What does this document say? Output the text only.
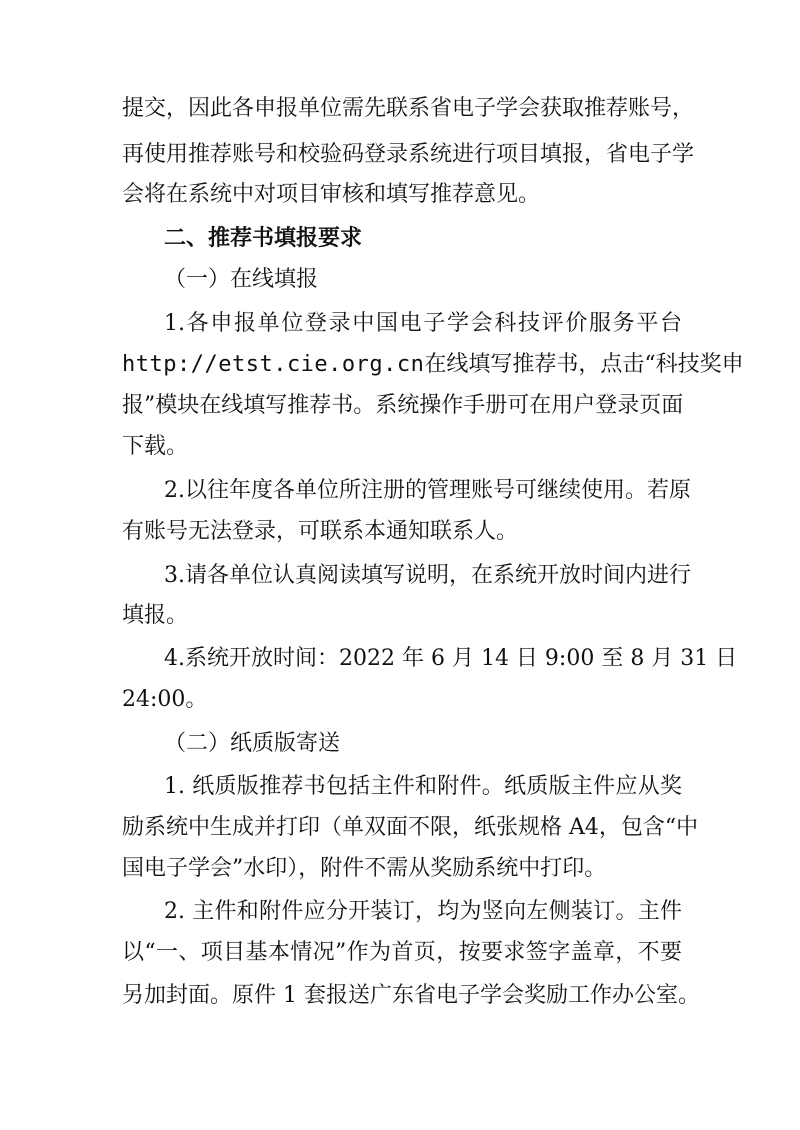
提交，因此各申报单位需先联系省电子学会获取推荐账号，
再使用推荐账号和校验码登录系统进行项目填报，省电子学
会将在系统中对项目审核和填写推荐意见。
二、推荐书填报要求
（一）在线填报
1.各申报单位登录中国电子学会科技评价服务平台
http://etst.cie.org.cn在线填写推荐书，点击“科技奖申
报”模块在线填写推荐书。系统操作手册可在用户登录页面
下载。
2.以往年度各单位所注册的管理账号可继续使用。若原
有账号无法登录，可联系本通知联系人。
3.请各单位认真阅读填写说明，在系统开放时间内进行
填报。
4.系统开放时间：2022 年 6 月 14 日 9:00 至 8 月 31 日
24:00。
（二）纸质版寄送
1. 纸质版推荐书包括主件和附件。纸质版主件应从奖
励系统中生成并打印（单双面不限，纸张规格 A4，包含“中
国电子学会”水印），附件不需从奖励系统中打印。
2. 主件和附件应分开装订，均为竖向左侧装订。主件
以“一、项目基本情况”作为首页，按要求签字盖章，不要
另加封面。原件 1 套报送广东省电子学会奖励工作办公室。
